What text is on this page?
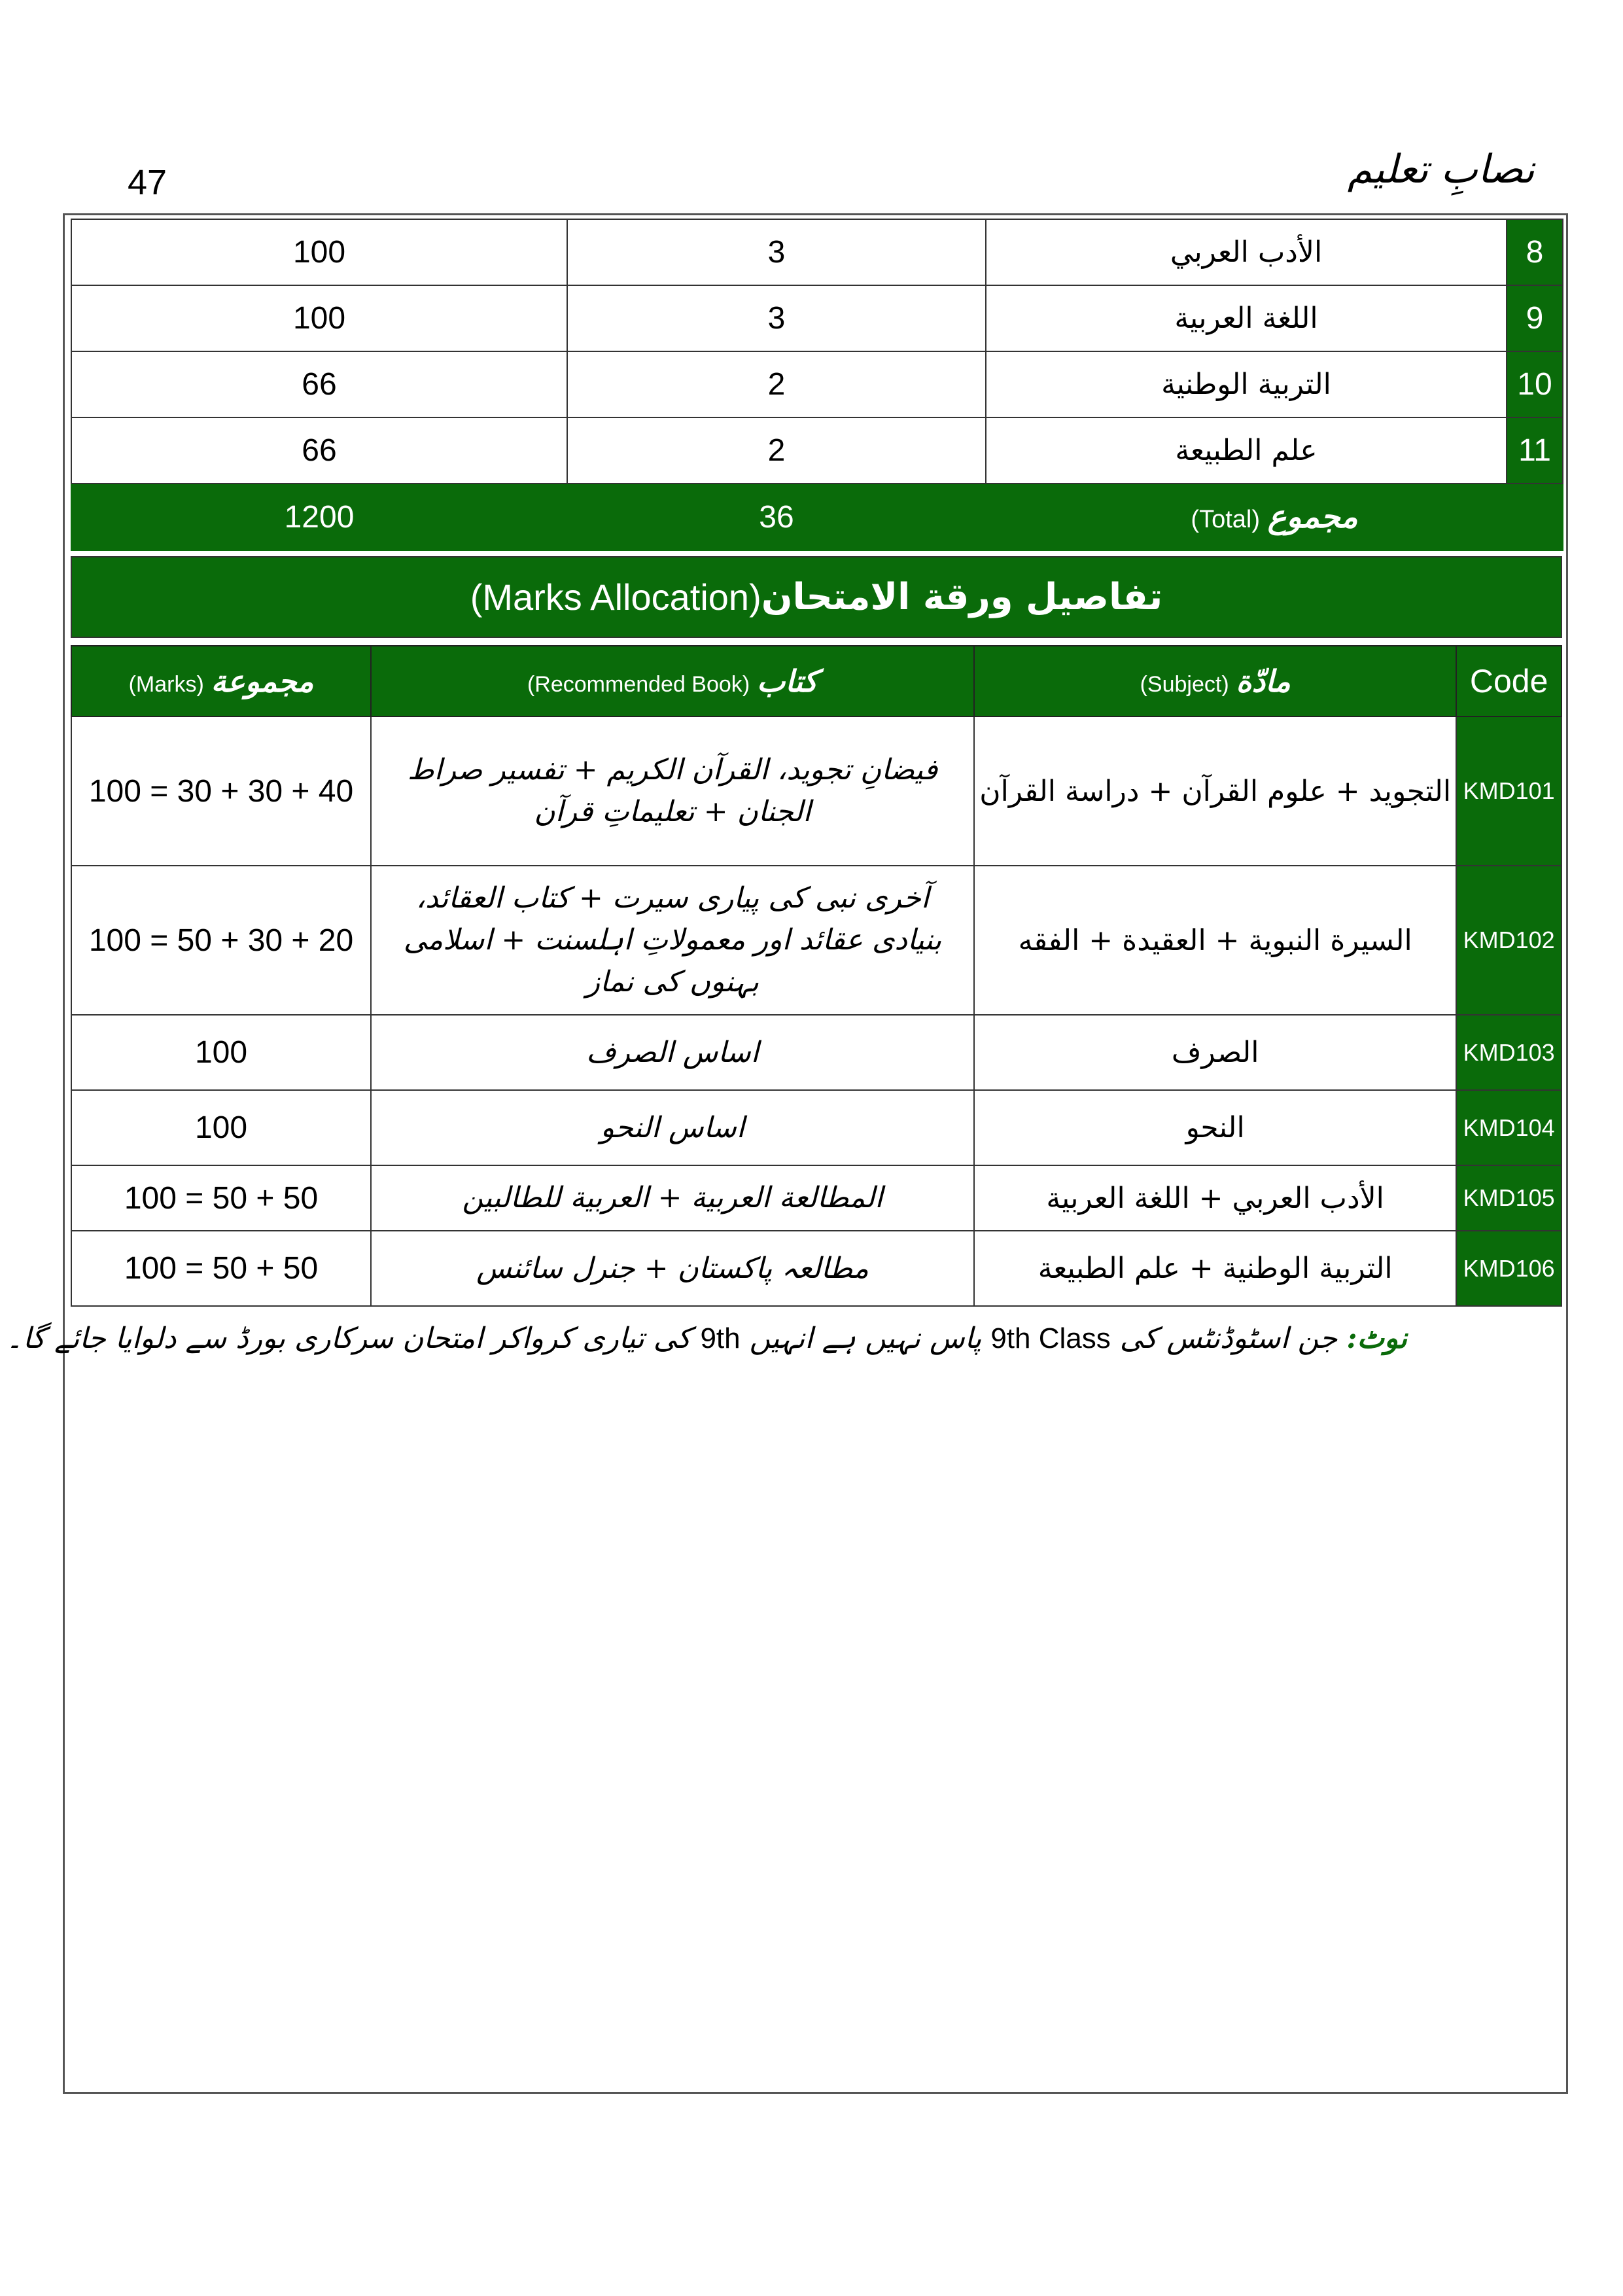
47	نصابِ تعلیم
100	3	الأدب العربي	8
100	3	اللغة العربية	9
66	2	التربية الوطنية	10
66	2	علم الطبيعة	11
1200	36	مجموع (Total)	
تفاصيل ورقة الامتحان
(Marks Allocation)
مجموعة (Marks)	کتاب (Recommended Book)	مادّة (Subject)	Code
100 = 30 + 30 + 40	فیضانِ تجوید، القرآن الکریم + تفسیر صراط الجنان + تعلیماتِ قرآن	التجويد + علوم القرآن + دراسة القرآن	KMD101
100 = 50 + 30 + 20	آخری نبی کی پیاری سیرت + کتاب العقائد، بنیادی عقائد اور معمولاتِ اہلسنت + اسلامی بہنوں کی نماز	السيرة النبوية + العقيدة + الفقه	KMD102
100	اساس الصرف	الصرف	KMD103
100	اساس النحو	النحو	KMD104
100 = 50 + 50	المطالعة العربية + العربية للطالبين	الأدب العربي + اللغة العربية	KMD105
100 = 50 + 50	مطالعہ پاکستان + جنرل سائنس	التربية الوطنية + علم الطبيعة	KMD106
نوٹ: جن اسٹوڈنٹس کی 9th Class پاس نہیں ہے انہیں 9th کی تیاری کرواکر امتحان سرکاری بورڈ سے دلوایا جائے گا۔
